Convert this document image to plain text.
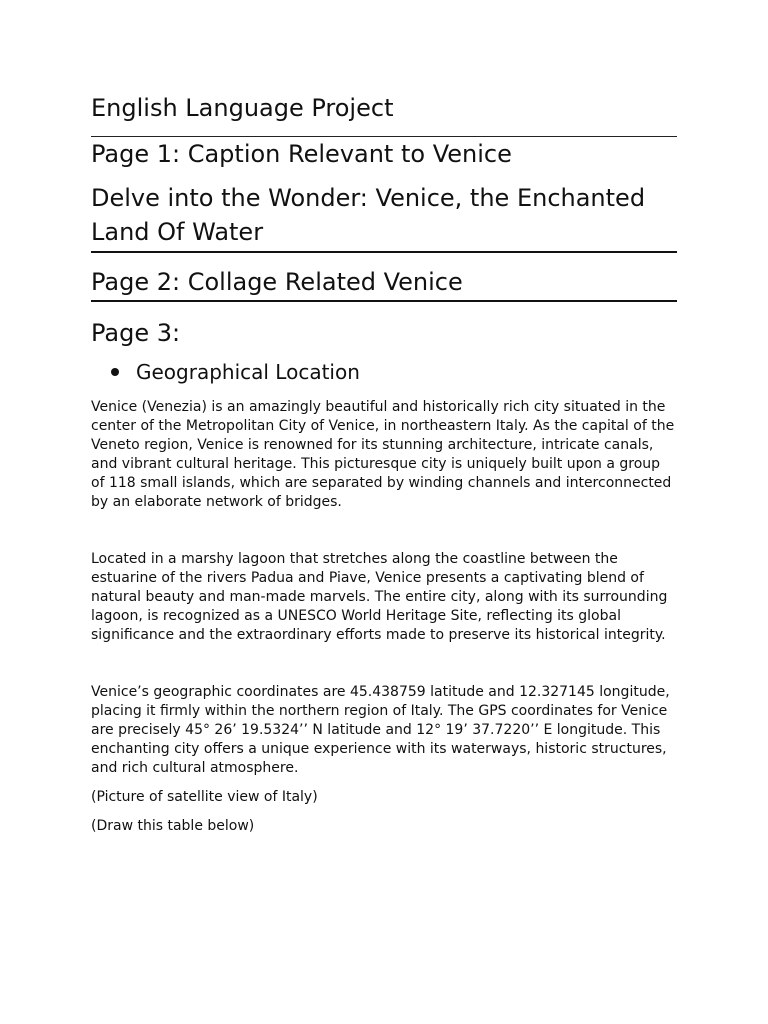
English Language Project
Page 1: Caption Relevant to Venice
Delve into the Wonder: Venice, the Enchanted Land Of Water
Page 2: Collage Related Venice
Page 3:
Geographical Location

Venice (Venezia) is an amazingly beautiful and historically rich city situated in the center of the Metropolitan City of Venice, in northeastern Italy. As the capital of the Veneto region, Venice is renowned for its stunning architecture, intricate canals, and vibrant cultural heritage. This picturesque city is uniquely built upon a group of 118 small islands, which are separated by winding channels and interconnected by an elaborate network of bridges.

Located in a marshy lagoon that stretches along the coastline between the estuarine of the rivers Padua and Piave, Venice presents a captivating blend of natural beauty and man-made marvels. The entire city, along with its surrounding lagoon, is recognized as a UNESCO World Heritage Site, reflecting its global significance and the extraordinary efforts made to preserve its historical integrity.

Venice’s geographic coordinates are 45.438759 latitude and 12.327145 longitude, placing it firmly within the northern region of Italy. The GPS coordinates for Venice are precisely 45° 26’ 19.5324’’ N latitude and 12° 19’ 37.7220’’ E longitude. This enchanting city offers a unique experience with its waterways, historic structures, and rich cultural atmosphere.

(Picture of satellite view of Italy)

(Draw this table below)
